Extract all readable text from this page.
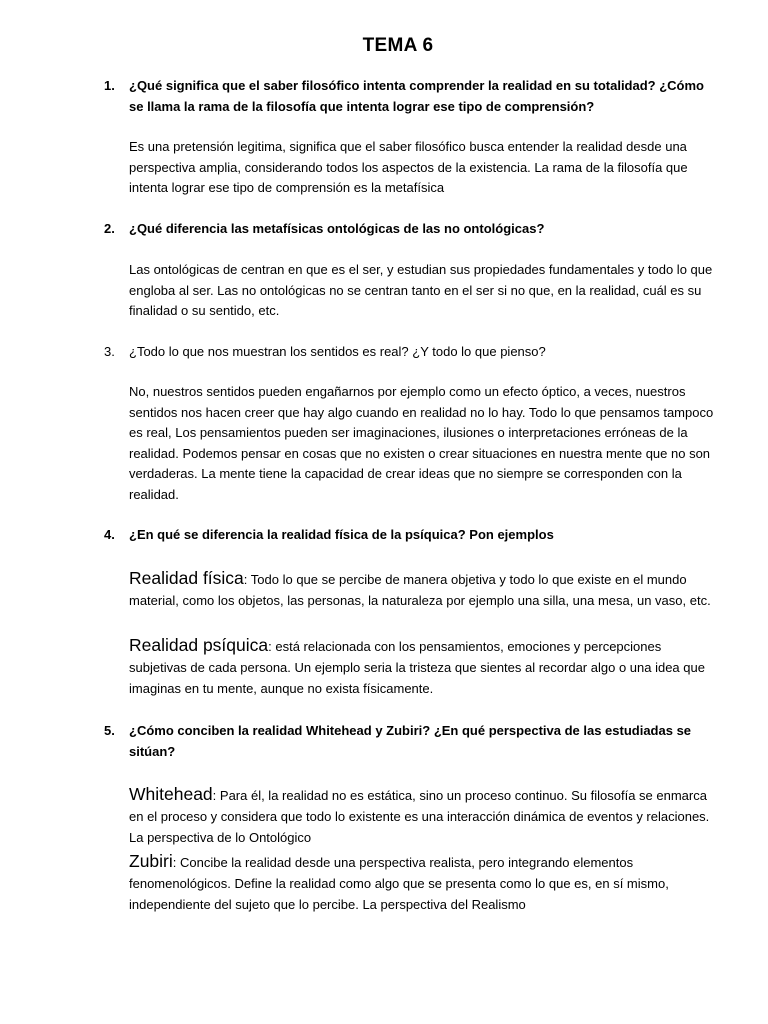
TEMA 6
1.	¿Qué significa que el saber filosófico intenta comprender la realidad en su totalidad? ¿Cómo se llama la rama de la filosofía que intenta lograr ese tipo de comprensión?
Es una pretensión legitima, significa que el saber filosófico busca entender la realidad desde una perspectiva amplia, considerando todos los aspectos de la existencia. La rama de la filosofía que intenta lograr ese tipo de comprensión es la metafísica
2.	¿Qué diferencia las metafísicas ontológicas de las no ontológicas?
Las ontológicas de centran en que es el ser, y estudian sus propiedades fundamentales y todo lo que engloba al ser. Las no ontológicas no se centran tanto en el ser si no que, en la realidad, cuál es su finalidad o su sentido, etc.
3.	¿Todo lo que nos muestran los sentidos es real? ¿Y todo lo que pienso?
No, nuestros sentidos pueden engañarnos por ejemplo como un efecto óptico, a veces, nuestros sentidos nos hacen creer que hay algo cuando en realidad no lo hay. Todo lo que pensamos tampoco es real, Los pensamientos pueden ser imaginaciones, ilusiones o interpretaciones erróneas de la realidad. Podemos pensar en cosas que no existen o crear situaciones en nuestra mente que no son verdaderas. La mente tiene la capacidad de crear ideas que no siempre se corresponden con la realidad.
4.	¿En qué se diferencia la realidad física de la psíquica? Pon ejemplos
Realidad física: Todo lo que se percibe de manera objetiva y todo lo que existe en el mundo material, como los objetos, las personas, la naturaleza por ejemplo una silla, una mesa, un vaso, etc.
Realidad psíquica: está relacionada con los pensamientos, emociones y percepciones subjetivas de cada persona. Un ejemplo seria la tristeza que sientes al recordar algo o una idea que imaginas en tu mente, aunque no exista físicamente.
5.	¿Cómo conciben la realidad Whitehead y Zubiri? ¿En qué perspectiva de las estudiadas se sitúan?
Whitehead: Para él, la realidad no es estática, sino un proceso continuo. Su filosofía se enmarca en el proceso y considera que todo lo existente es una interacción dinámica de eventos y relaciones. La perspectiva de lo Ontológico
Zubiri: Concibe la realidad desde una perspectiva realista, pero integrando elementos fenomenológicos. Define la realidad como algo que se presenta como lo que es, en sí mismo, independiente del sujeto que lo percibe. La perspectiva del Realismo
